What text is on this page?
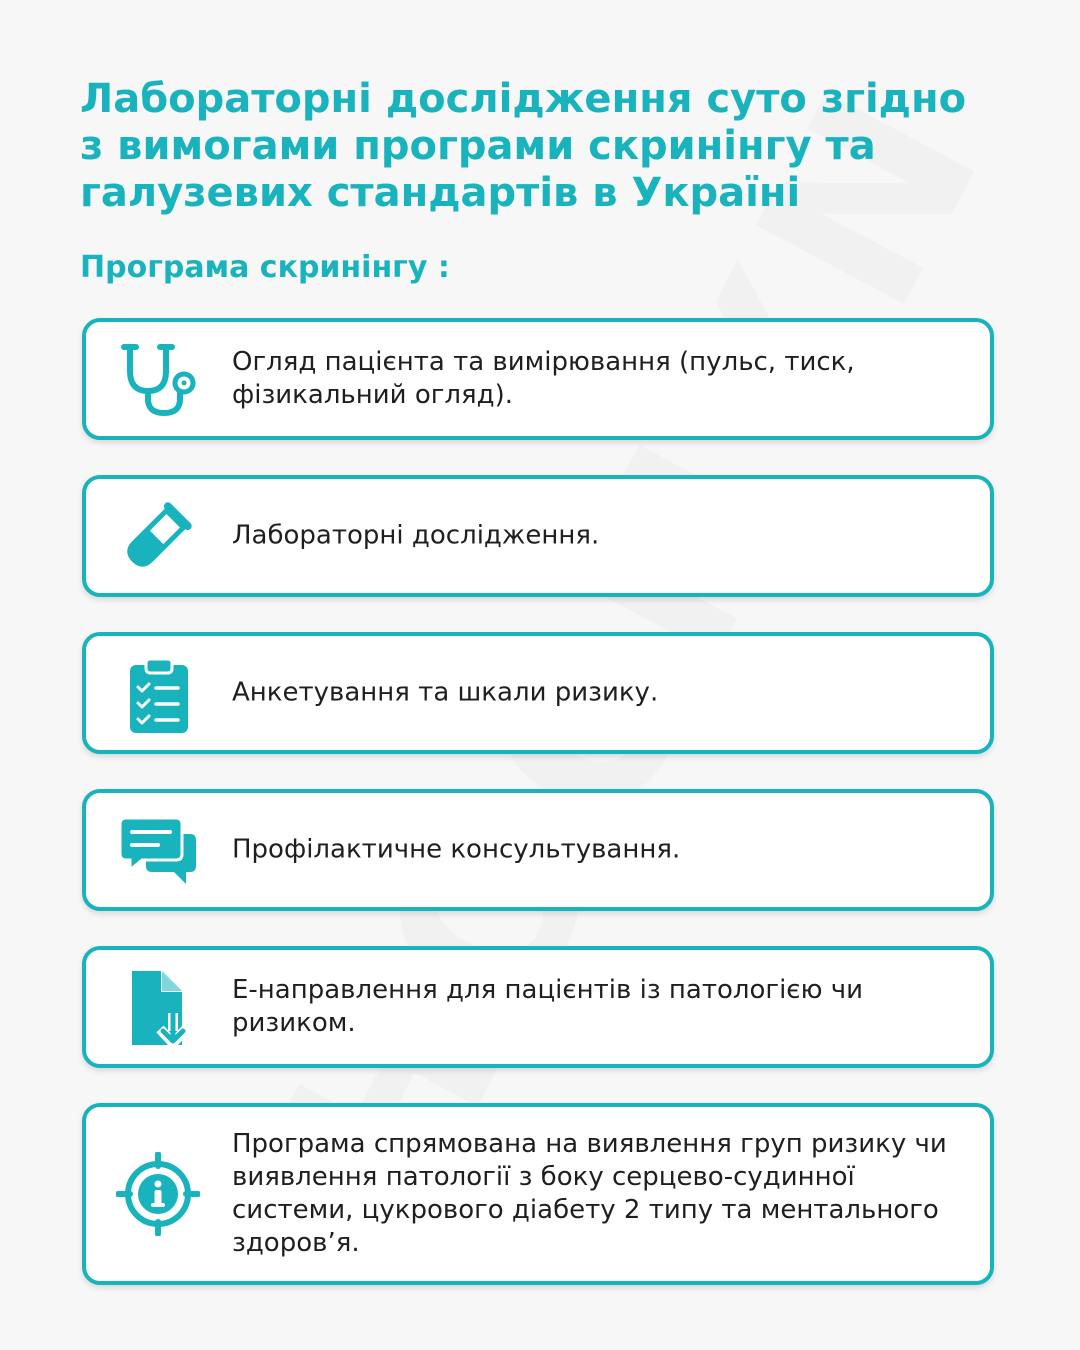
Лабораторні дослідження суто згідно з вимогами програми скринінгу та галузевих стандартів в Україні
Програма скринінгу :
Огляд пацієнта та вимірювання (пульс, тиск, фізикальний огляд).
Лабораторні дослідження.
Анкетування та шкали ризику.
Профілактичне консультування.
Е-направлення для пацієнтів із патологією чи ризиком.
Програма спрямована на виявлення груп ризику чи виявлення патології з боку серцево-судинної системи, цукрового діабету 2 типу та ментального здоров’я.
